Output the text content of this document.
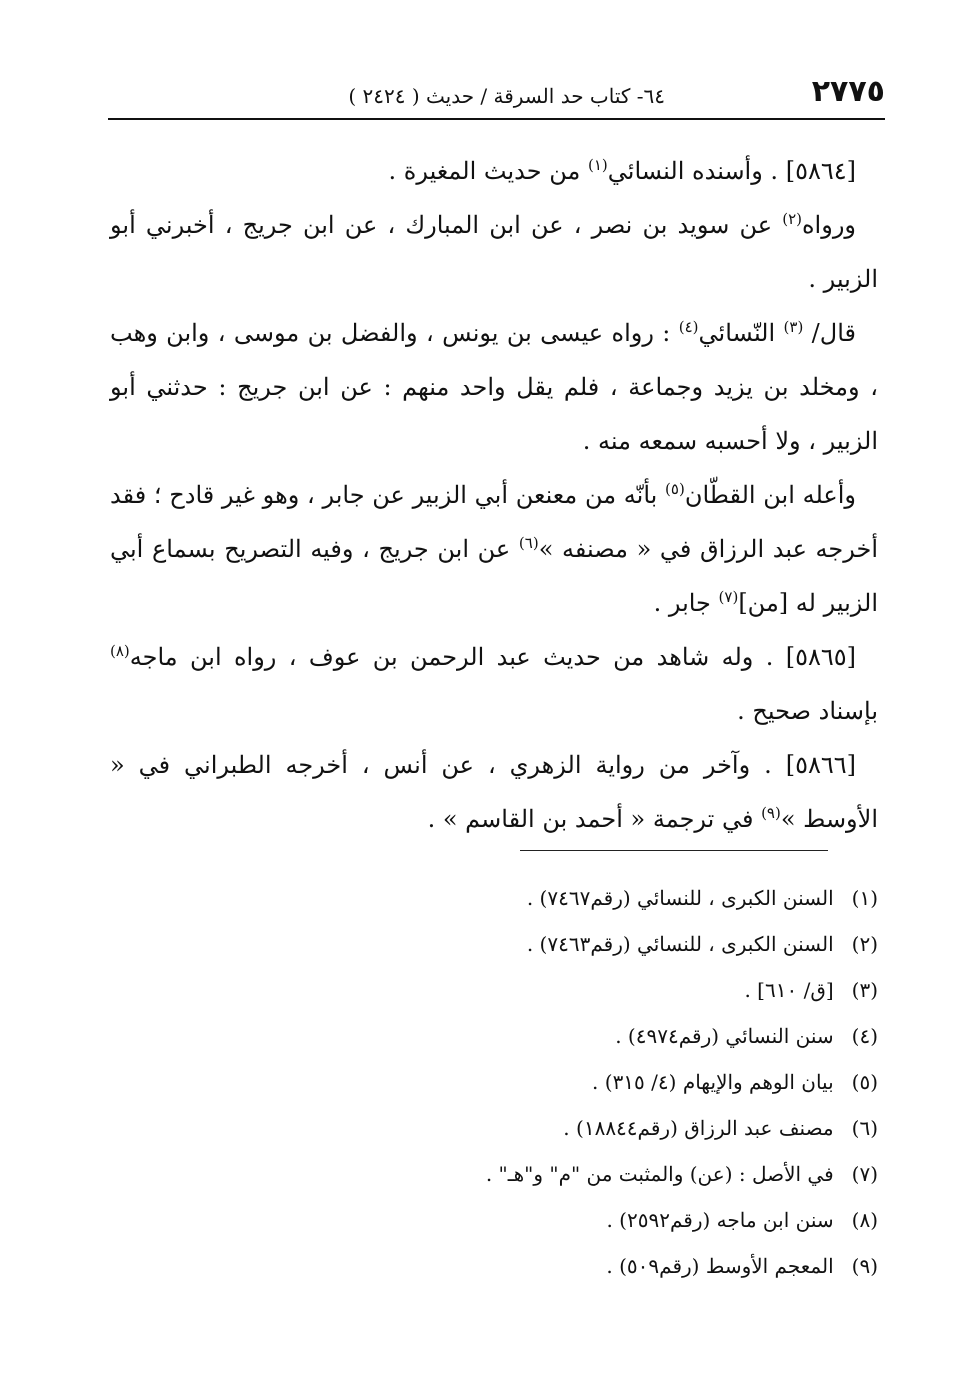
٢٧٧٥
٦٤- كتاب حد السرقة / حديث ( ٢٤٢٤ )

[٥٨٦٤] . وأسنده النسائي$^{(١)}$ من حديث المغيرة .

ورواه$^{(٢)}$ عن سويد بن نصر ، عن ابن المبارك ، عن ابن جريج ، أخبرني أبو الزبير .

قال/ $^{(٣)}$ النّسائي$^{(٤)}$ : رواه عيسى بن يونس ، والفضل بن موسى ، وابن وهب ، ومخلد بن يزيد وجماعة ، فلم يقل واحد منهم : عن ابن جريج : حدثني أبو الزبير ، ولا أحسبه سمعه منه .

وأعله ابن القطّان$^{(٥)}$ بأنّه من معنعن أبي الزبير عن جابر ، وهو غير قادح ؛ فقد أخرجه عبد الرزاق في « مصنفه »$^{(٦)}$ عن ابن جريج ، وفيه التصريح بسماع أبي الزبير له [من]$^{(٧)}$ جابر .

[٥٨٦٥] . وله شاهد من حديث عبد الرحمن بن عوف ، رواه ابن ماجه$^{(٨)}$ بإسناد صحيح .

[٥٨٦٦] . وآخر من رواية الزهري ، عن أنس ، أخرجه الطبراني في « الأوسط »$^{(٩)}$ في ترجمة « أحمد بن القاسم » .

(١) السنن الكبرى ، للنسائي (رقم٧٤٦٧) .
(٢) السنن الكبرى ، للنسائي (رقم٧٤٦٣) .
(٣) [ق/ ٦١٠] .
(٤) سنن النسائي (رقم٤٩٧٤) .
(٥) بيان الوهم والإيهام (٤/ ٣١٥) .
(٦) مصنف عبد الرزاق (رقم١٨٨٤٤) .
(٧) في الأصل : (عن) والمثبت من "م" و"هـ" .
(٨) سنن ابن ماجه (رقم٢٥٩٢) .
(٩) المعجم الأوسط (رقم٥٠٩) .
